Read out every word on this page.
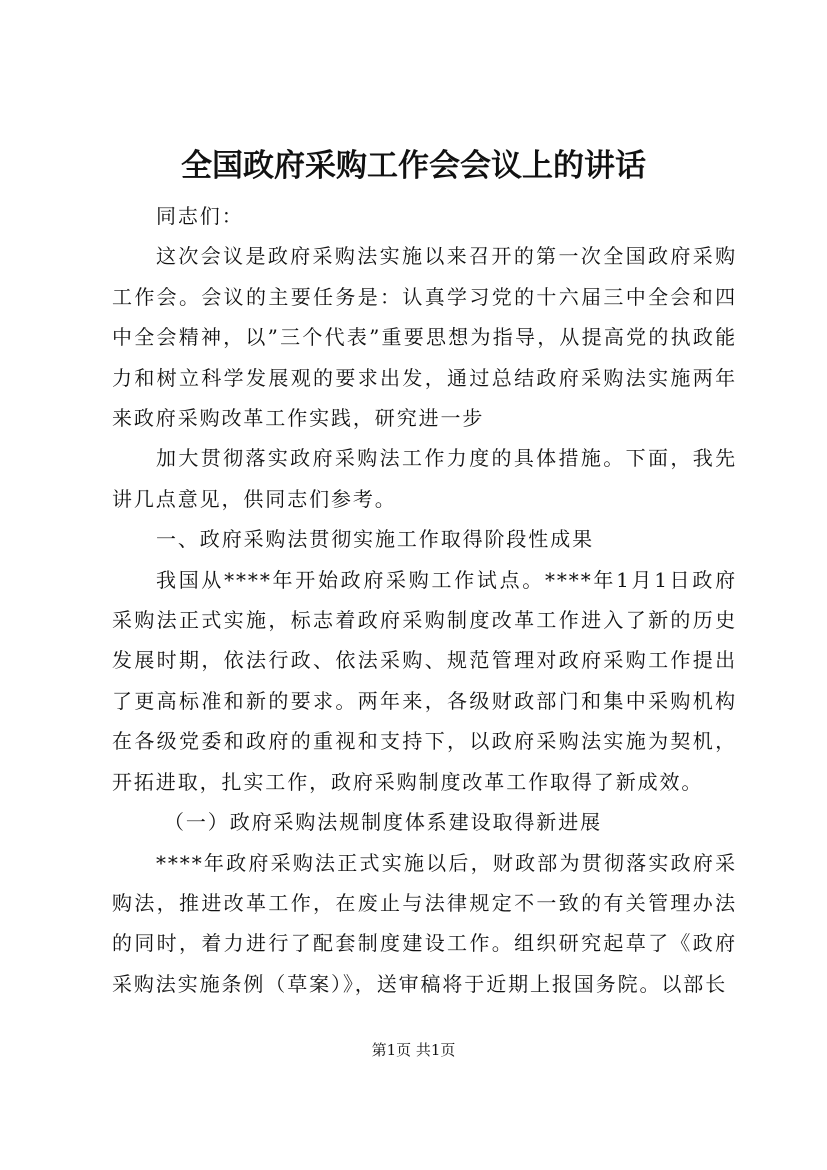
全国政府采购工作会会议上的讲话

同志们：

这次会议是政府采购法实施以来召开的第一次全国政府采购工作会。会议的主要任务是：认真学习党的十六届三中全会和四中全会精神，以”三个代表”重要思想为指导，从提高党的执政能力和树立科学发展观的要求出发，通过总结政府采购法实施两年来政府采购改革工作实践，研究进一步

加大贯彻落实政府采购法工作力度的具体措施。下面，我先讲几点意见，供同志们参考。

一、政府采购法贯彻实施工作取得阶段性成果

我国从****年开始政府采购工作试点。****年1月1日政府采购法正式实施，标志着政府采购制度改革工作进入了新的历史发展时期，依法行政、依法采购、规范管理对政府采购工作提出了更高标准和新的要求。两年来，各级财政部门和集中采购机构在各级党委和政府的重视和支持下，以政府采购法实施为契机，开拓进取，扎实工作，政府采购制度改革工作取得了新成效。

（一）政府采购法规制度体系建设取得新进展

****年政府采购法正式实施以后，财政部为贯彻落实政府采购法，推进改革工作，在废止与法律规定不一致的有关管理办法的同时，着力进行了配套制度建设工作。组织研究起草了《政府采购法实施条例（草案）》，送审稿将于近期上报国务院。以部长

第1页 共1页
